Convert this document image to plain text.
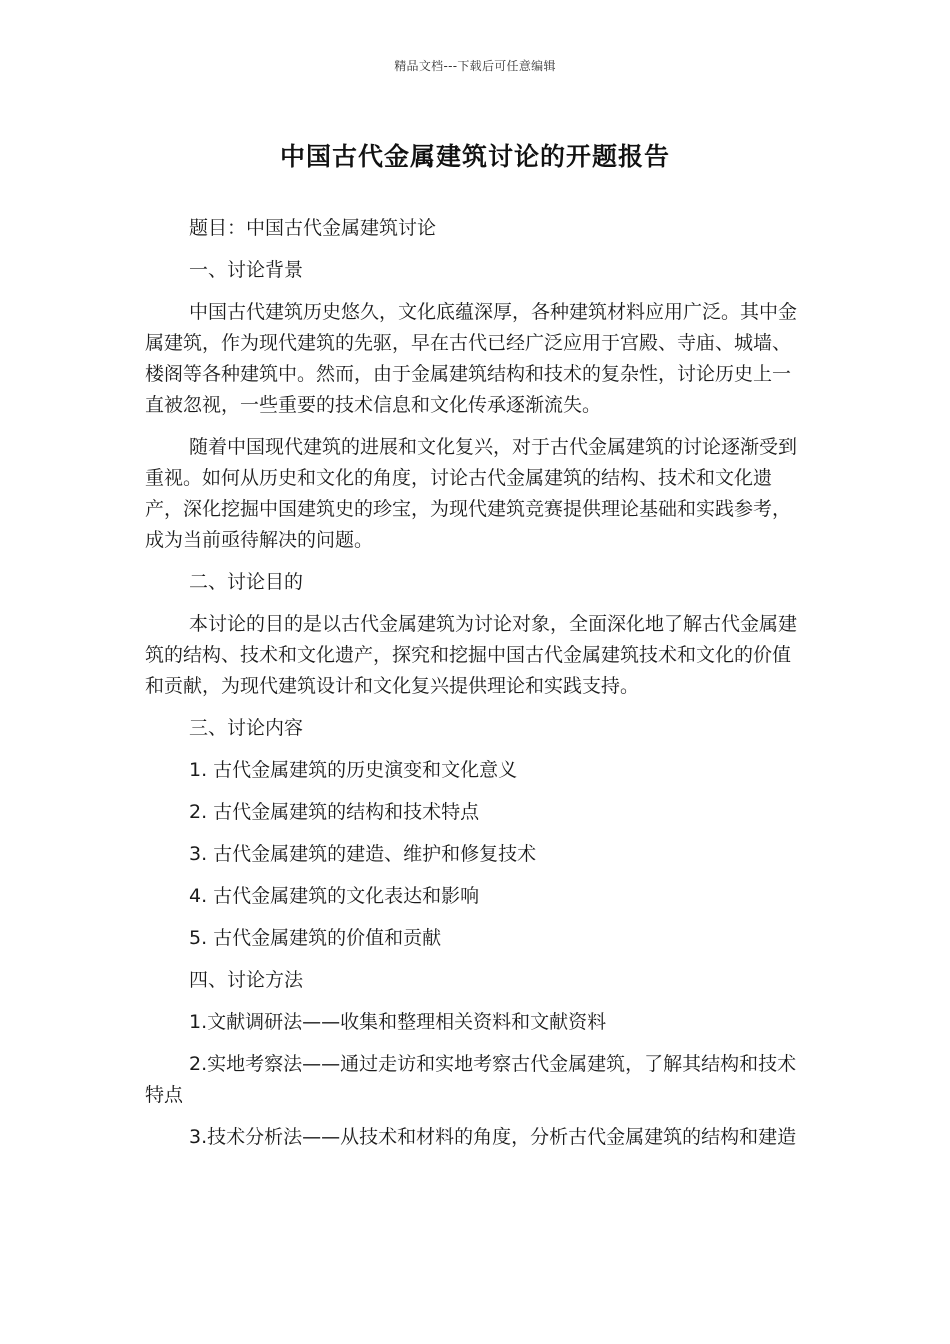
精品文档---下载后可任意编辑
中国古代金属建筑讨论的开题报告

题目：中国古代金属建筑讨论

一、讨论背景

中国古代建筑历史悠久，文化底蕴深厚，各种建筑材料应用广泛。其中金属建筑，作为现代建筑的先驱，早在古代已经广泛应用于宫殿、寺庙、城墙、楼阁等各种建筑中。然而，由于金属建筑结构和技术的复杂性，讨论历史上一直被忽视，一些重要的技术信息和文化传承逐渐流失。

随着中国现代建筑的进展和文化复兴，对于古代金属建筑的讨论逐渐受到重视。如何从历史和文化的角度，讨论古代金属建筑的结构、技术和文化遗产，深化挖掘中国建筑史的珍宝，为现代建筑竞赛提供理论基础和实践参考，成为当前亟待解决的问题。

二、讨论目的

本讨论的目的是以古代金属建筑为讨论对象，全面深化地了解古代金属建筑的结构、技术和文化遗产，探究和挖掘中国古代金属建筑技术和文化的价值和贡献，为现代建筑设计和文化复兴提供理论和实践支持。

三、讨论内容

1. 古代金属建筑的历史演变和文化意义

2. 古代金属建筑的结构和技术特点

3. 古代金属建筑的建造、维护和修复技术

4. 古代金属建筑的文化表达和影响

5. 古代金属建筑的价值和贡献

四、讨论方法

1.文献调研法——收集和整理相关资料和文献资料

2.实地考察法——通过走访和实地考察古代金属建筑，了解其结构和技术特点

3.技术分析法——从技术和材料的角度，分析古代金属建筑的结构和建造
